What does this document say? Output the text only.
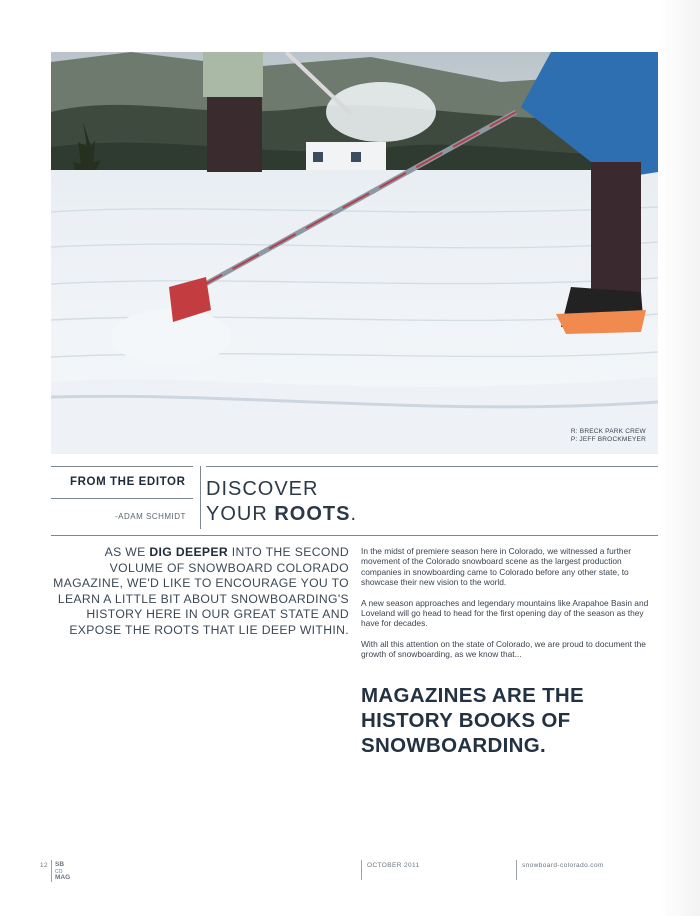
R: BRECK PARK CREW
P: JEFF BROCKMEYER
FROM THE EDITOR
-ADAM SCHMIDT
DISCOVER
YOUR ROOTS.
AS WE DIG DEEPER INTO THE SECOND VOLUME OF SNOWBOARD COLORADO MAGAZINE, WE'D LIKE TO ENCOURAGE YOU TO LEARN A LITTLE BIT ABOUT SNOWBOARDING'S HISTORY HERE IN OUR GREAT STATE AND EXPOSE THE ROOTS THAT LIE DEEP WITHIN.

In the midst of premiere season here in Colorado, we witnessed a further movement of the Colorado snowboard scene as the largest production companies in snowboarding came to Colorado before any other state, to showcase their new vision to the world.

A new season approaches and legendary mountains like Arapahoe Basin and Loveland will go head to head for the first opening day of the season as they have for decades.

With all this attention on the state of Colorado, we are proud to document the growth of snowboarding, as we know that...

MAGAZINES ARE THE
HISTORY BOOKS OF
SNOWBOARDING.
12 SB
CO
MAG
OCTOBER 2011	snowboard-colorado.com
